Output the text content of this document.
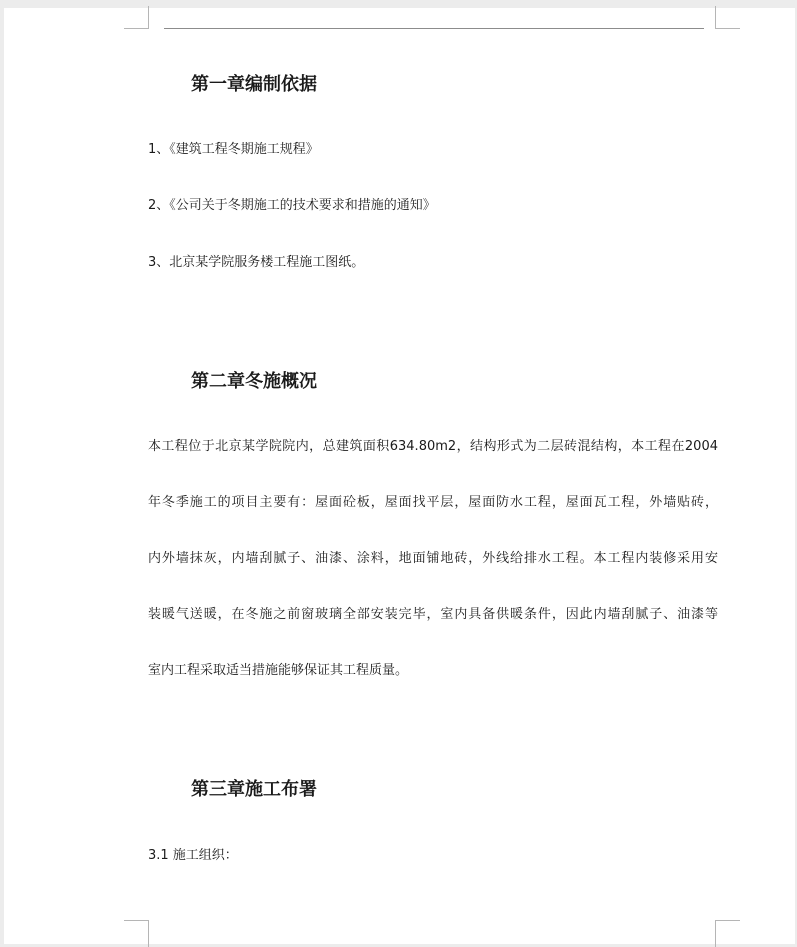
第一章编制依据

1、《建筑工程冬期施工规程》

2、《公司关于冬期施工的技术要求和措施的通知》

3、北京某学院服务楼工程施工图纸。

第二章冬施概况

本工程位于北京某学院院内，总建筑面积634.80m2，结构形式为二层砖混结构，本工程在2004

年冬季施工的项目主要有：屋面砼板，屋面找平层，屋面防水工程，屋面瓦工程，外墙贴砖，

内外墙抹灰，内墙刮腻子、油漆、涂料，地面铺地砖，外线给排水工程。本工程内装修采用安

装暖气送暖，在冬施之前窗玻璃全部安装完毕，室内具备供暖条件，因此内墙刮腻子、油漆等

室内工程采取适当措施能够保证其工程质量。

第三章施工布署

3.1 施工组织：
